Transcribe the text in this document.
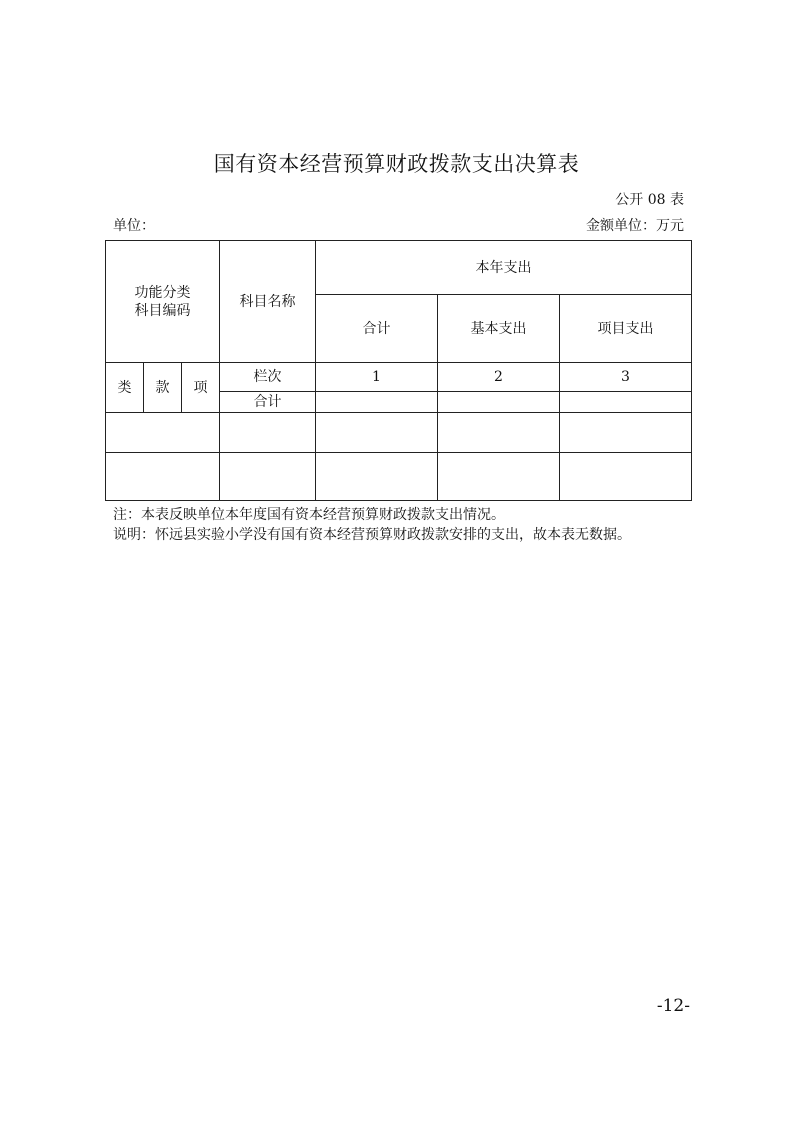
国有资本经营预算财政拨款支出决算表
公开 08 表
单位：	金额单位：万元
功能分类
科目编码			科目名称	本年支出		
				合计	基本支出	项目支出
类	款	项	栏次	1	2	3
			合计			

注：本表反映单位本年度国有资本经营预算财政拨款支出情况。
说明：怀远县实验小学没有国有资本经营预算财政拨款安排的支出，故本表无数据。
-12-
